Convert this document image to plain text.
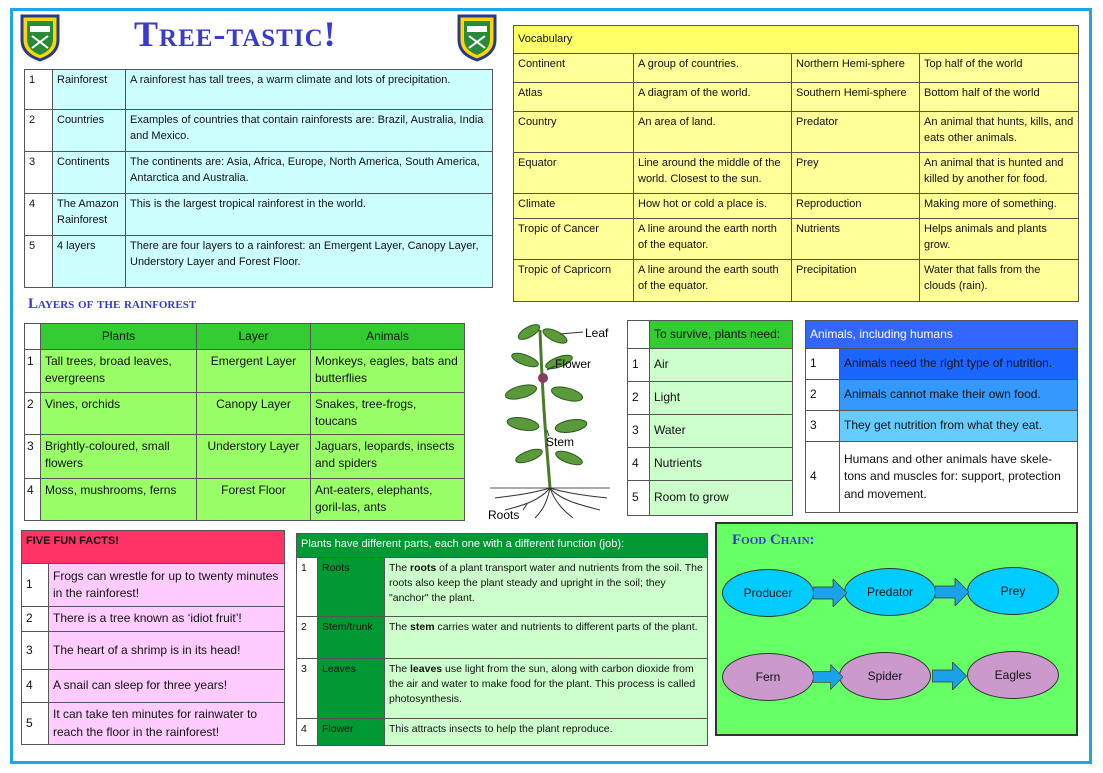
Tree-tastic!
1	Rainforest	A rainforest has tall trees, a warm climate and lots of precipitation.
2	Countries	Examples of countries that contain rainforests are: Brazil, Australia, India and Mexico.
3	Continents	The continents are: Asia, Africa, Europe, North America, South America, Antarctica and Australia.
4	The Amazon Rainforest	This is the largest tropical rainforest in the world.
5	4 layers	There are four layers to a rainforest: an Emergent Layer, Canopy Layer, Understory Layer and Forest Floor.
Vocabulary			
Continent	A group of countries.	Northern Hemi-sphere	Top half of the world
Atlas	A diagram of the world.	Southern Hemi-sphere	Bottom half of the world
Country	An area of land.	Predator	An animal that hunts, kills, and eats other animals.
Equator	Line around the middle of the world. Closest to the sun.	Prey	An animal that is hunted and killed by another for food.
Climate	How hot or cold a place is.	Reproduction	Making more of something.
Tropic of Cancer	A line around the earth north of the equator.	Nutrients	Helps animals and plants grow.
Tropic of Capricorn	A line around the earth south of the equator.	Precipitation	Water that falls from the clouds (rain).
Layers of the rainforest
	Plants	Layer	Animals
1	Tall trees, broad leaves, evergreens	Emergent Layer	Monkeys, eagles, bats and butterflies
2	Vines, orchids	Canopy Layer	Snakes, tree-frogs, toucans
3	Brightly-coloured, small flowers	Understory Layer	Jaguars, leopards, insects and spiders
4	Moss, mushrooms, ferns	Forest Floor	Ant-eaters, elephants, goril-las, ants
Leaf
Flower
Stem
Roots
	To survive, plants need:
1	Air
2	Light
3	Water
4	Nutrients
5	Room to grow
Animals, including humans	
1	Animals need the right type of nutrition.
2	Animals cannot make their own food.
3	They get nutrition from what they eat.
4	Humans and other animals have skele-tons and muscles for: support, protection and movement.
FIVE FUN FACTS!	
1	Frogs can wrestle for up to twenty minutes in the rainforest!
2	There is a tree known as ‘idiot fruit’!
3	The heart of a shrimp is in its head!
4	A snail can sleep for three years!
5	It can take ten minutes for rainwater to reach the floor in the rainforest!
Plants have different parts, each one with a different function (job):		
1	Roots	The roots of a plant transport water and nutrients from the soil. The roots also keep the plant steady and upright in the soil; they "anchor" the plant.
2	Stem/trunk	The stem carries water and nutrients to different parts of the plant.
3	Leaves	The leaves use light from the sun, along with carbon dioxide from the air and water to make food for the plant. This process is called photosynthesis.
4	Flower	This attracts insects to help the plant reproduce.
Food Chain:
Producer	Predator	Prey
Fern	Spider	Eagles
